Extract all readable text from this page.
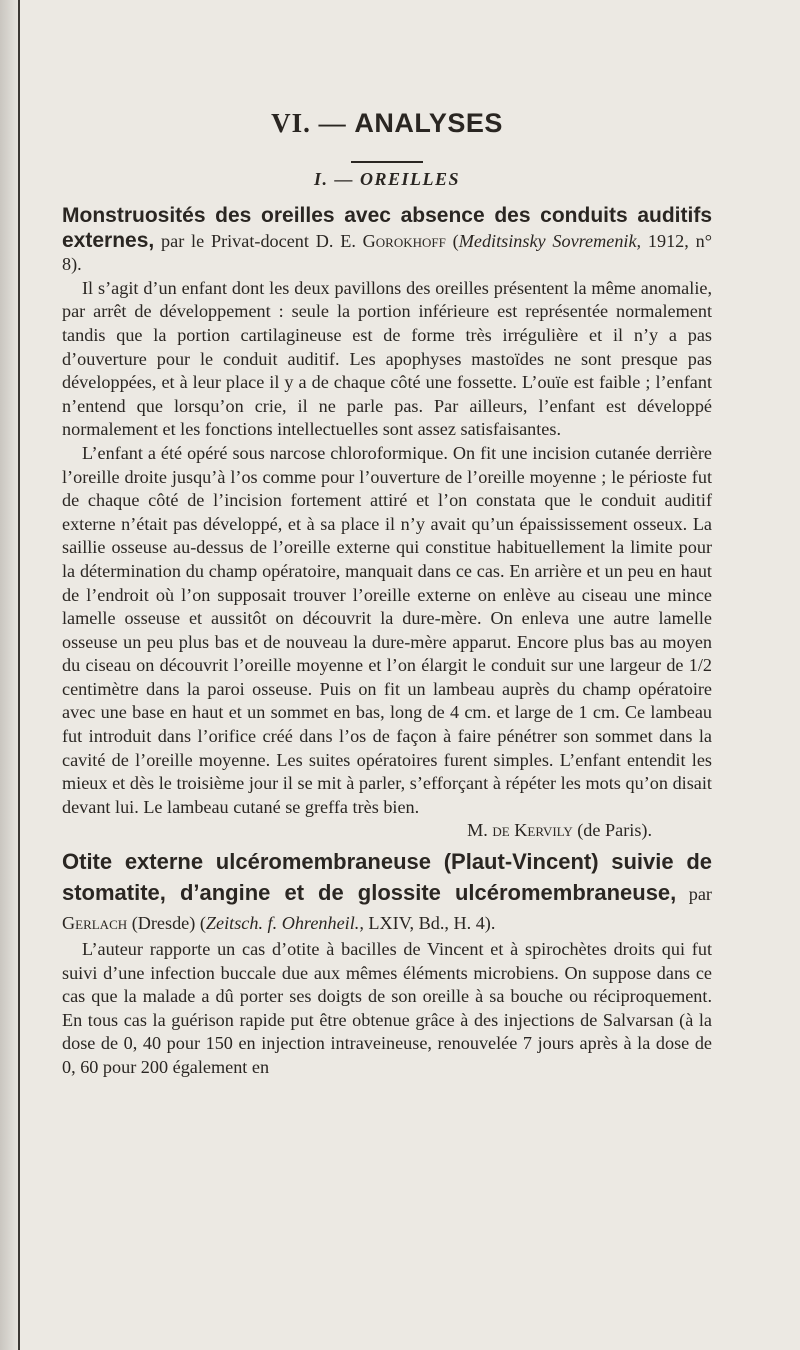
VI. — ANALYSES
I. — OREILLES

Monstruosités des oreilles avec absence des conduits auditifs externes, par le Privat-docent D. E. Gorokhoff (Meditsinsky Sovremenik, 1912, n° 8).

Il s’agit d’un enfant dont les deux pavillons des oreilles présentent la même anomalie, par arrêt de développement : seule la portion inférieure est représentée normalement tandis que la portion cartilagineuse est de forme très irrégulière et il n’y a pas d’ouverture pour le conduit auditif. Les apophyses mastoïdes ne sont presque pas développées, et à leur place il y a de chaque côté une fossette. L’ouïe est faible ; l’enfant n’entend que lorsqu’on crie, il ne parle pas. Par ailleurs, l’enfant est développé normalement et les fonctions intellectuelles sont assez satisfaisantes.

L’enfant a été opéré sous narcose chloroformique. On fit une incision cutanée derrière l’oreille droite jusqu’à l’os comme pour l’ouverture de l’oreille moyenne ; le périoste fut de chaque côté de l’incision fortement attiré et l’on constata que le conduit auditif externe n’était pas développé, et à sa place il n’y avait qu’un épaississement osseux. La saillie osseuse au-dessus de l’oreille externe qui constitue habituellement la limite pour la détermination du champ opératoire, manquait dans ce cas. En arrière et un peu en haut de l’endroit où l’on supposait trouver l’oreille externe on enlève au ciseau une mince lamelle osseuse et aussitôt on découvrit la dure-mère. On enleva une autre lamelle osseuse un peu plus bas et de nouveau la dure-mère apparut. Encore plus bas au moyen du ciseau on découvrit l’oreille moyenne et l’on élargit le conduit sur une largeur de 1/2 centimètre dans la paroi osseuse. Puis on fit un lambeau auprès du champ opératoire avec une base en haut et un sommet en bas, long de 4 cm. et large de 1 cm. Ce lambeau fut introduit dans l’orifice créé dans l’os de façon à faire pénétrer son sommet dans la cavité de l’oreille moyenne. Les suites opératoires furent simples. L’enfant entendit les mieux et dès le troisième jour il se mit à parler, s’efforçant à répéter les mots qu’on disait devant lui. Le lambeau cutané se greffa très bien.

M. de Kervily (de Paris).

Otite externe ulcéromembraneuse (Plaut-Vincent) suivie de stomatite, d’angine et de glossite ulcéromembraneuse, par Gerlach (Dresde) (Zeitsch. f. Ohrenheil., LXIV, Bd., H. 4).

L’auteur rapporte un cas d’otite à bacilles de Vincent et à spirochètes droits qui fut suivi d’une infection buccale due aux mêmes éléments microbiens. On suppose dans ce cas que la malade a dû porter ses doigts de son oreille à sa bouche ou réciproquement. En tous cas la guérison rapide put être obtenue grâce à des injections de Salvarsan (à la dose de 0, 40 pour 150 en injection intraveineuse, renouvelée 7 jours après à la dose de 0, 60 pour 200 également en
